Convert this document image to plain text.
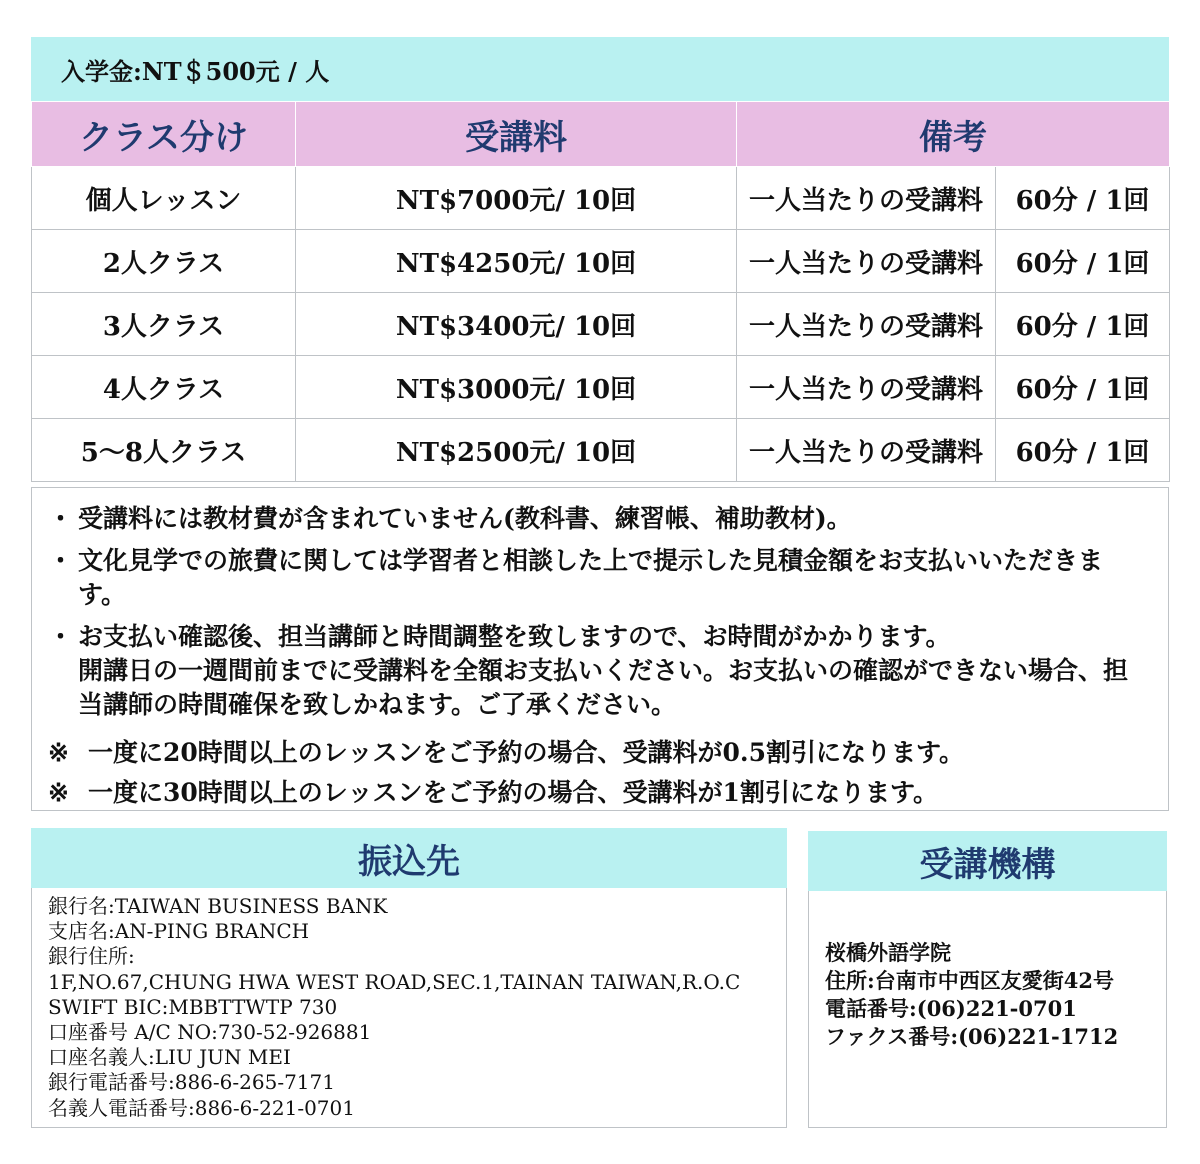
入学金:NT＄500元 / 人
クラス分け	受講料	備考	
個人レッスン	NT$7000元/ 10回	一人当たりの受講料	60分 / 1回
2人クラス	NT$4250元/ 10回	一人当たりの受講料	60分 / 1回
3人クラス	NT$3400元/ 10回	一人当たりの受講料	60分 / 1回
4人クラス	NT$3000元/ 10回	一人当たりの受講料	60分 / 1回
5～8人クラス	NT$2500元/ 10回	一人当たりの受講料	60分 / 1回
・ 受講料には教材費が含まれていません(教科書、練習帳、補助教材)。

・ 文化見学での旅費に関しては学習者と相談した上で提示した見積金額をお支払いいただきます。

・ お支払い確認後、担当講師と時間調整を致しますので、お時間がかかります。

開講日の一週間前までに受講料を全額お支払いください。お支払いの確認ができない場合、担当講師の時間確保を致しかねます。ご了承ください。

※ 一度に20時間以上のレッスンをご予約の場合、受講料が0.5割引になります。
※ 一度に30時間以上のレッスンをご予約の場合、受講料が1割引になります。
振込先
銀行名:TAIWAN BUSINESS BANK
支店名:AN-PING BRANCH
銀行住所:
1F,NO.67,CHUNG HWA WEST ROAD,SEC.1,TAINAN TAIWAN,R.O.C
SWIFT BIC:MBBTTWTP 730
口座番号 A/C NO:730-52-926881
口座名義人:LIU JUN MEI
銀行電話番号:886-6-265-7171
名義人電話番号:886-6-221-0701
受講機構
桜橋外語学院
住所:台南市中西区友愛街42号
電話番号:(06)221-0701
ファクス番号:(06)221-1712
